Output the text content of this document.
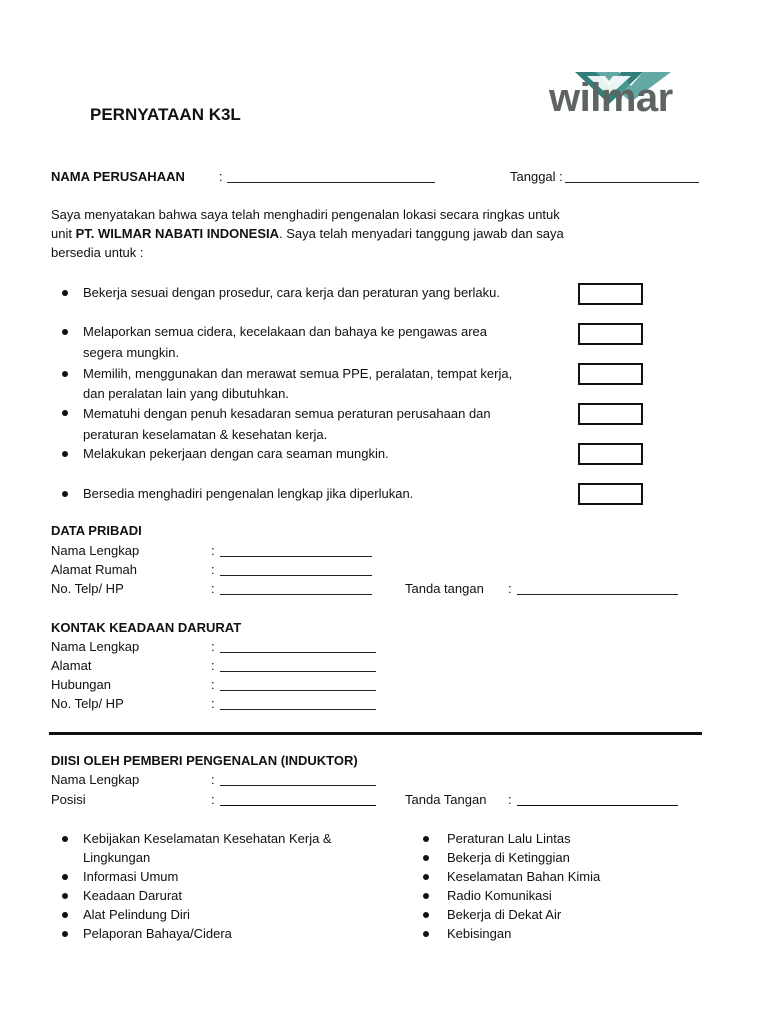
PERNYATAAN K3L	wilmar
NAMA PERUSAHAAN	:	Tanggal :
Saya menyatakan bahwa saya telah menghadiri pengenalan lokasi secara ringkas untuk
unit PT. WILMAR NABATI INDONESIA. Saya telah menyadari tanggung jawab dan saya
bersedia untuk :
Bekerja sesuai dengan prosedur, cara kerja dan peraturan yang berlaku.
Melaporkan semua cidera, kecelakaan dan bahaya ke pengawas area
segera mungkin.
Memilih, menggunakan dan merawat semua PPE, peralatan, tempat kerja,
dan peralatan lain yang dibutuhkan.
Mematuhi dengan penuh kesadaran semua peraturan perusahaan dan
peraturan keselamatan & kesehatan kerja.
Melakukan pekerjaan dengan cara seaman mungkin.
Bersedia menghadiri pengenalan lengkap jika diperlukan.
DATA PRIBADI
Nama Lengkap	:
Alamat Rumah	:
No. Telp/ HP	:	Tanda tangan :
KONTAK KEADAAN DARURAT
Nama Lengkap	:
Alamat	:
Hubungan	:
No. Telp/ HP	:
DIISI OLEH PEMBERI PENGENALAN (INDUKTOR)
Nama Lengkap	:
Posisi	:	Tanda Tangan :
Kebijakan Keselamatan Kesehatan Kerja &
Lingkungan
Informasi Umum
Keadaan Darurat
Alat Pelindung Diri
Pelaporan Bahaya/Cidera
Peraturan Lalu Lintas
Bekerja di Ketinggian
Keselamatan Bahan Kimia
Radio Komunikasi
Bekerja di Dekat Air
Kebisingan
